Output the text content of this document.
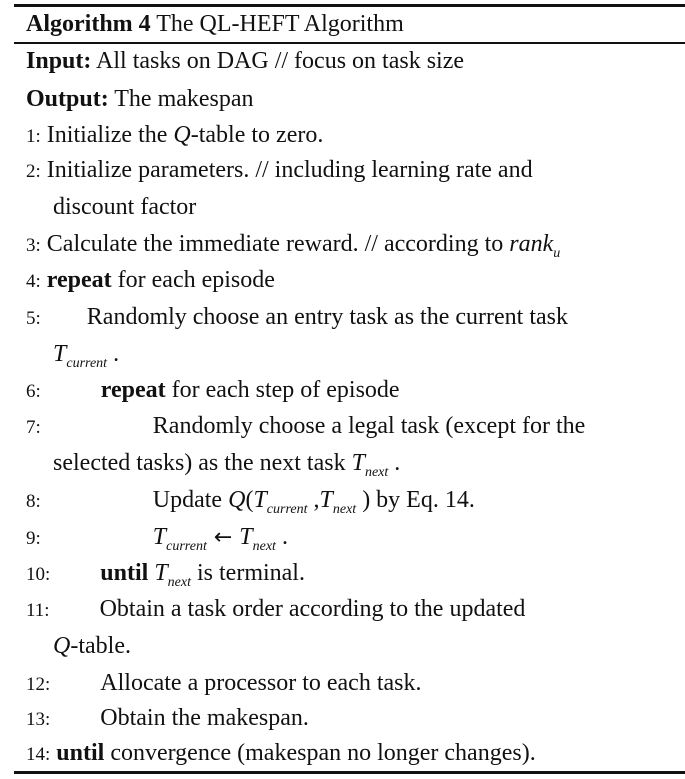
Algorithm 4 The QL-HEFT Algorithm
Input: All tasks on DAG // focus on task size
Output: The makespan
1: Initialize the Q-table to zero.
2: Initialize parameters. // including learning rate and
discount factor
3: Calculate the immediate reward. // according to rank$_u$
4: repeat for each episode
5: Randomly choose an entry task as the current task
$T_{current}$ .
6:	repeat for each step of episode
7:	Randomly choose a legal task (except for the
selected tasks) as the next task $T_{next}$ .
8:	Update $Q(T_{current}$ $,T_{next}$ ) by Eq. 14.
9:	$T_{current}$ ← $T_{next}$ .
10: until $T_{next}$ is terminal.
11: Obtain a task order according to the updated
Q-table.
12: Allocate a processor to each task.
13: Obtain the makespan.
14: until convergence (makespan no longer changes).
